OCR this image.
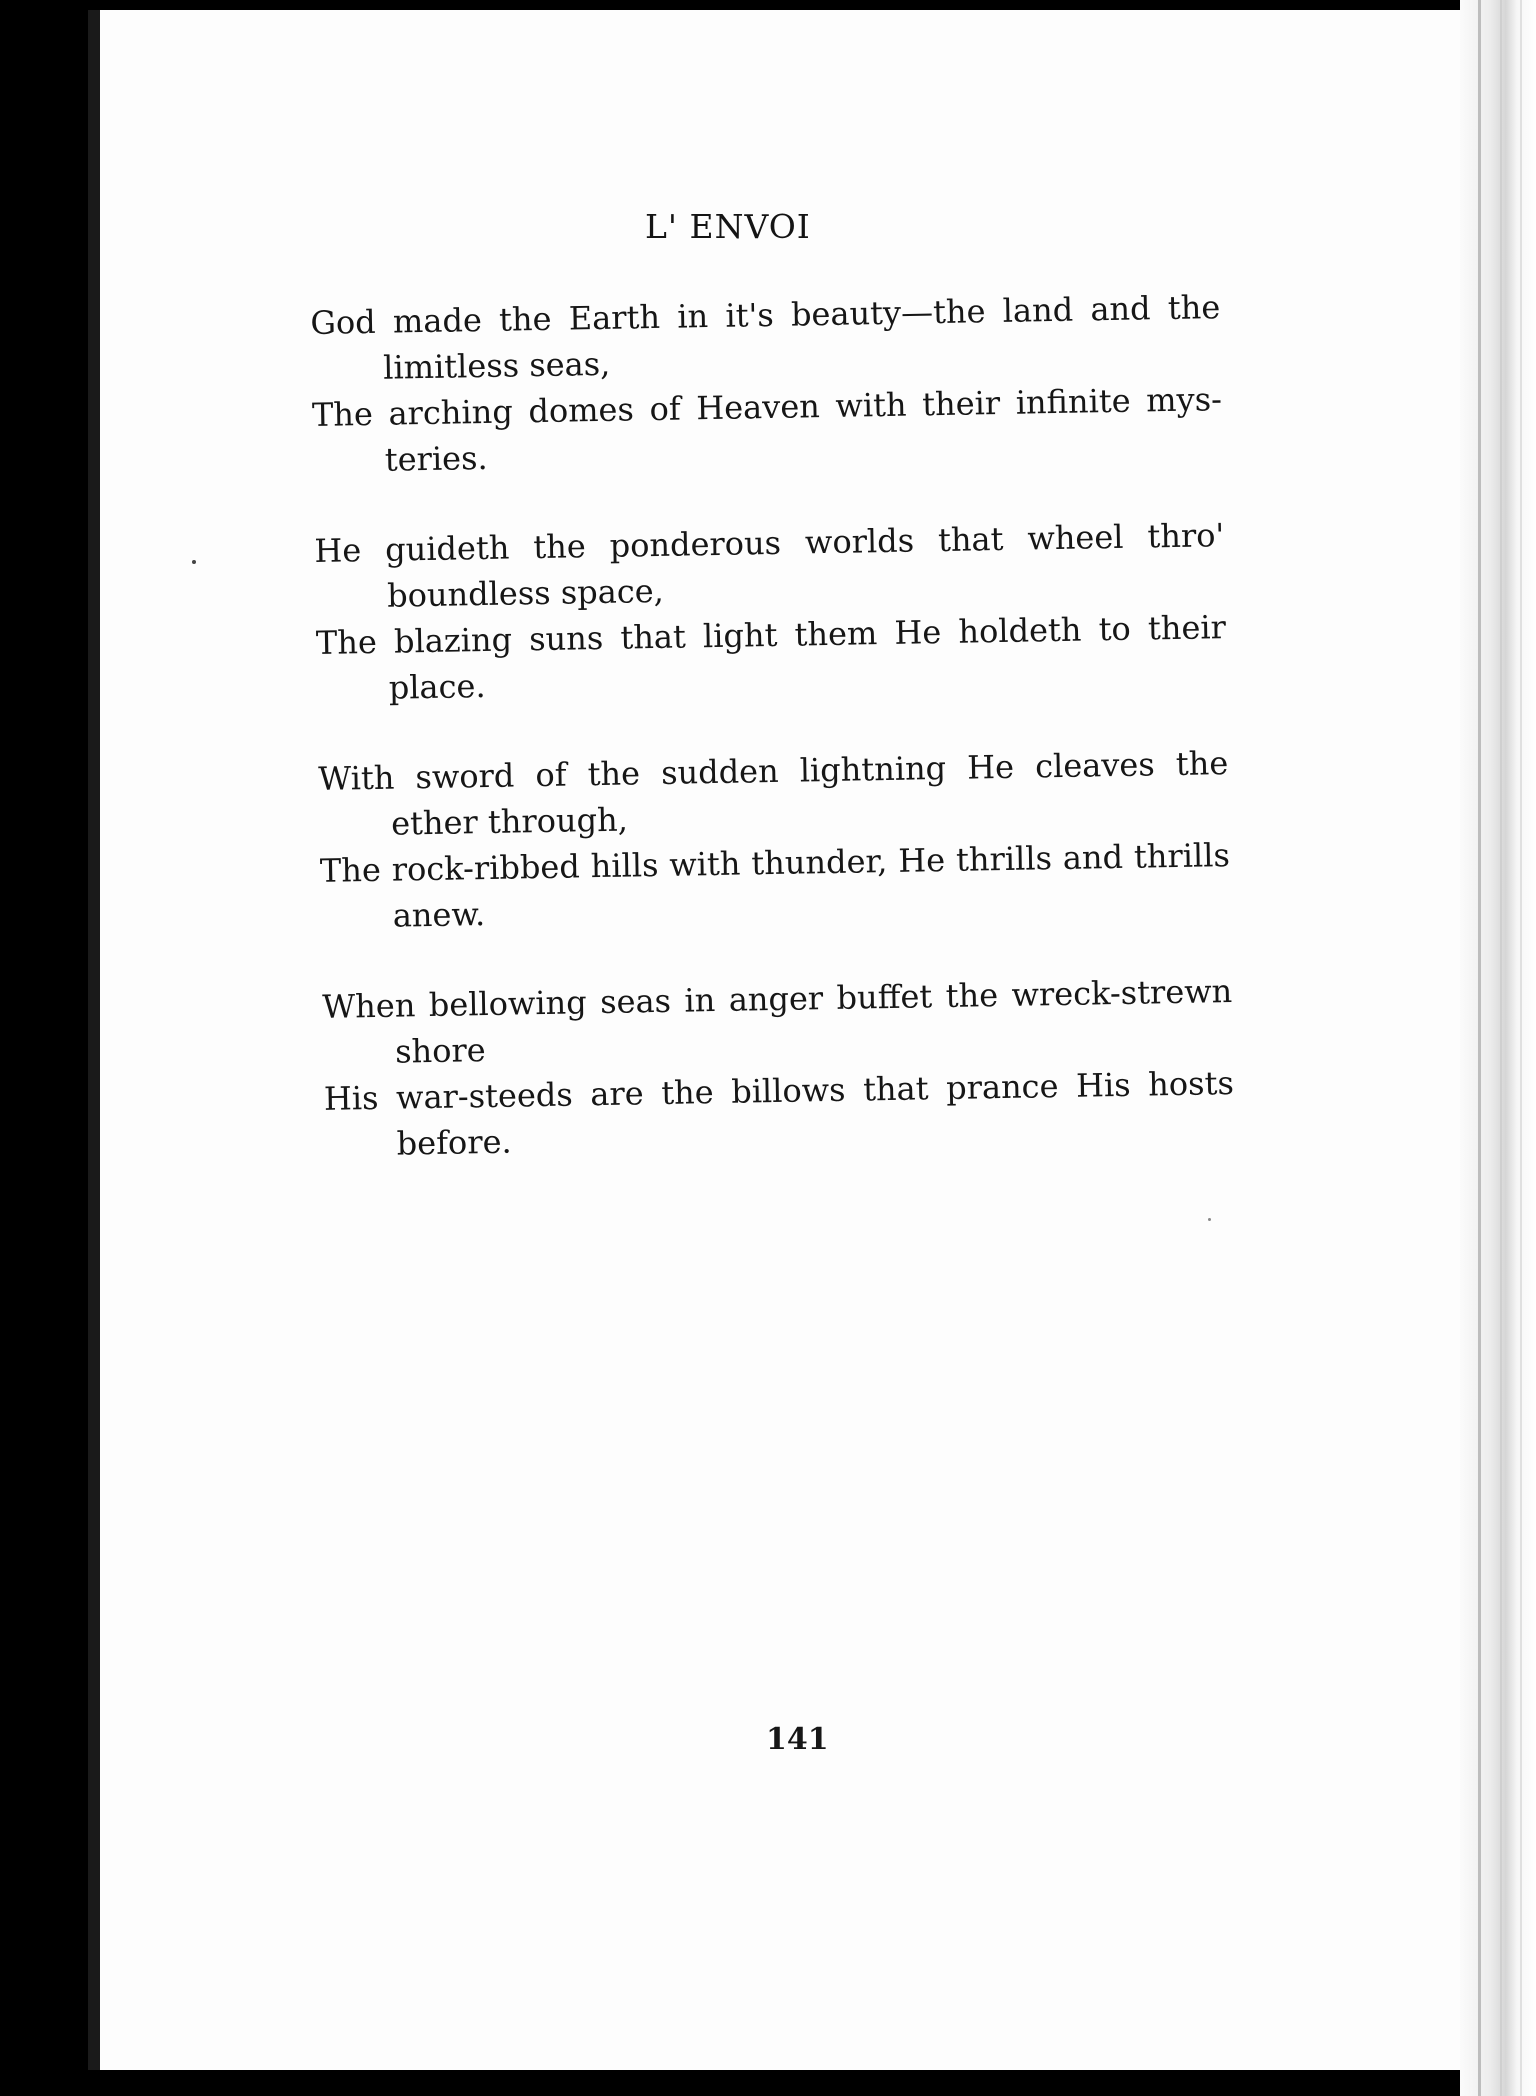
L' ENVOI
God made the Earth in it's beauty—the land and the limitless seas,
The arching domes of Heaven with their infinite mys-teries.
He guideth the ponderous worlds that wheel thro' boundless space,
The blazing suns that light them He holdeth to their place.
With sword of the sudden lightning He cleaves the ether through,
The rock-ribbed hills with thunder, He thrills and thrills anew.
When bellowing seas in anger buffet the wreck-strewn shore
His war-steeds are the billows that prance His hosts before.
141
